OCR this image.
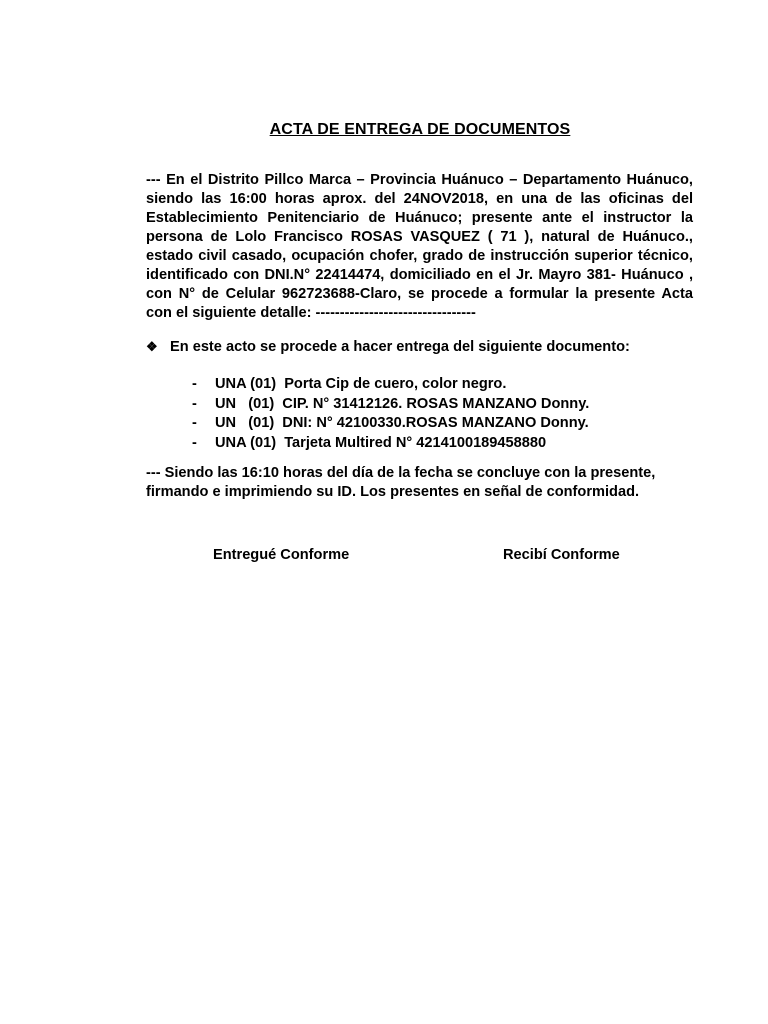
ACTA DE ENTREGA DE DOCUMENTOS
--- En el Distrito Pillco Marca – Provincia Huánuco – Departamento Huánuco, siendo las 16:00 horas aprox. del 24NOV2018, en una de las oficinas del Establecimiento Penitenciario de Huánuco; presente ante el instructor la persona de Lolo Francisco ROSAS VASQUEZ ( 71 ), natural de Huánuco., estado civil casado, ocupación chofer, grado de instrucción superior técnico, identificado con DNI.N° 22414474, domiciliado en el Jr. Mayro 381- Huánuco , con N° de Celular 962723688-Claro, se procede a formular la presente Acta con el siguiente detalle: ---------------------------------
❖ En este acto se procede a hacer entrega del siguiente documento:
-	UNA (01)  Porta Cip de cuero, color negro.
-	UN   (01)  CIP. N° 31412126. ROSAS MANZANO Donny.
-	UN   (01)  DNI: N° 42100330.ROSAS MANZANO Donny.
-	UNA (01)  Tarjeta Multired N° 4214100189458880
--- Siendo las 16:10 horas del día de la fecha se concluye con la presente, firmando e imprimiendo su ID. Los presentes en señal de conformidad.
Entregué Conforme	Recibí Conforme
